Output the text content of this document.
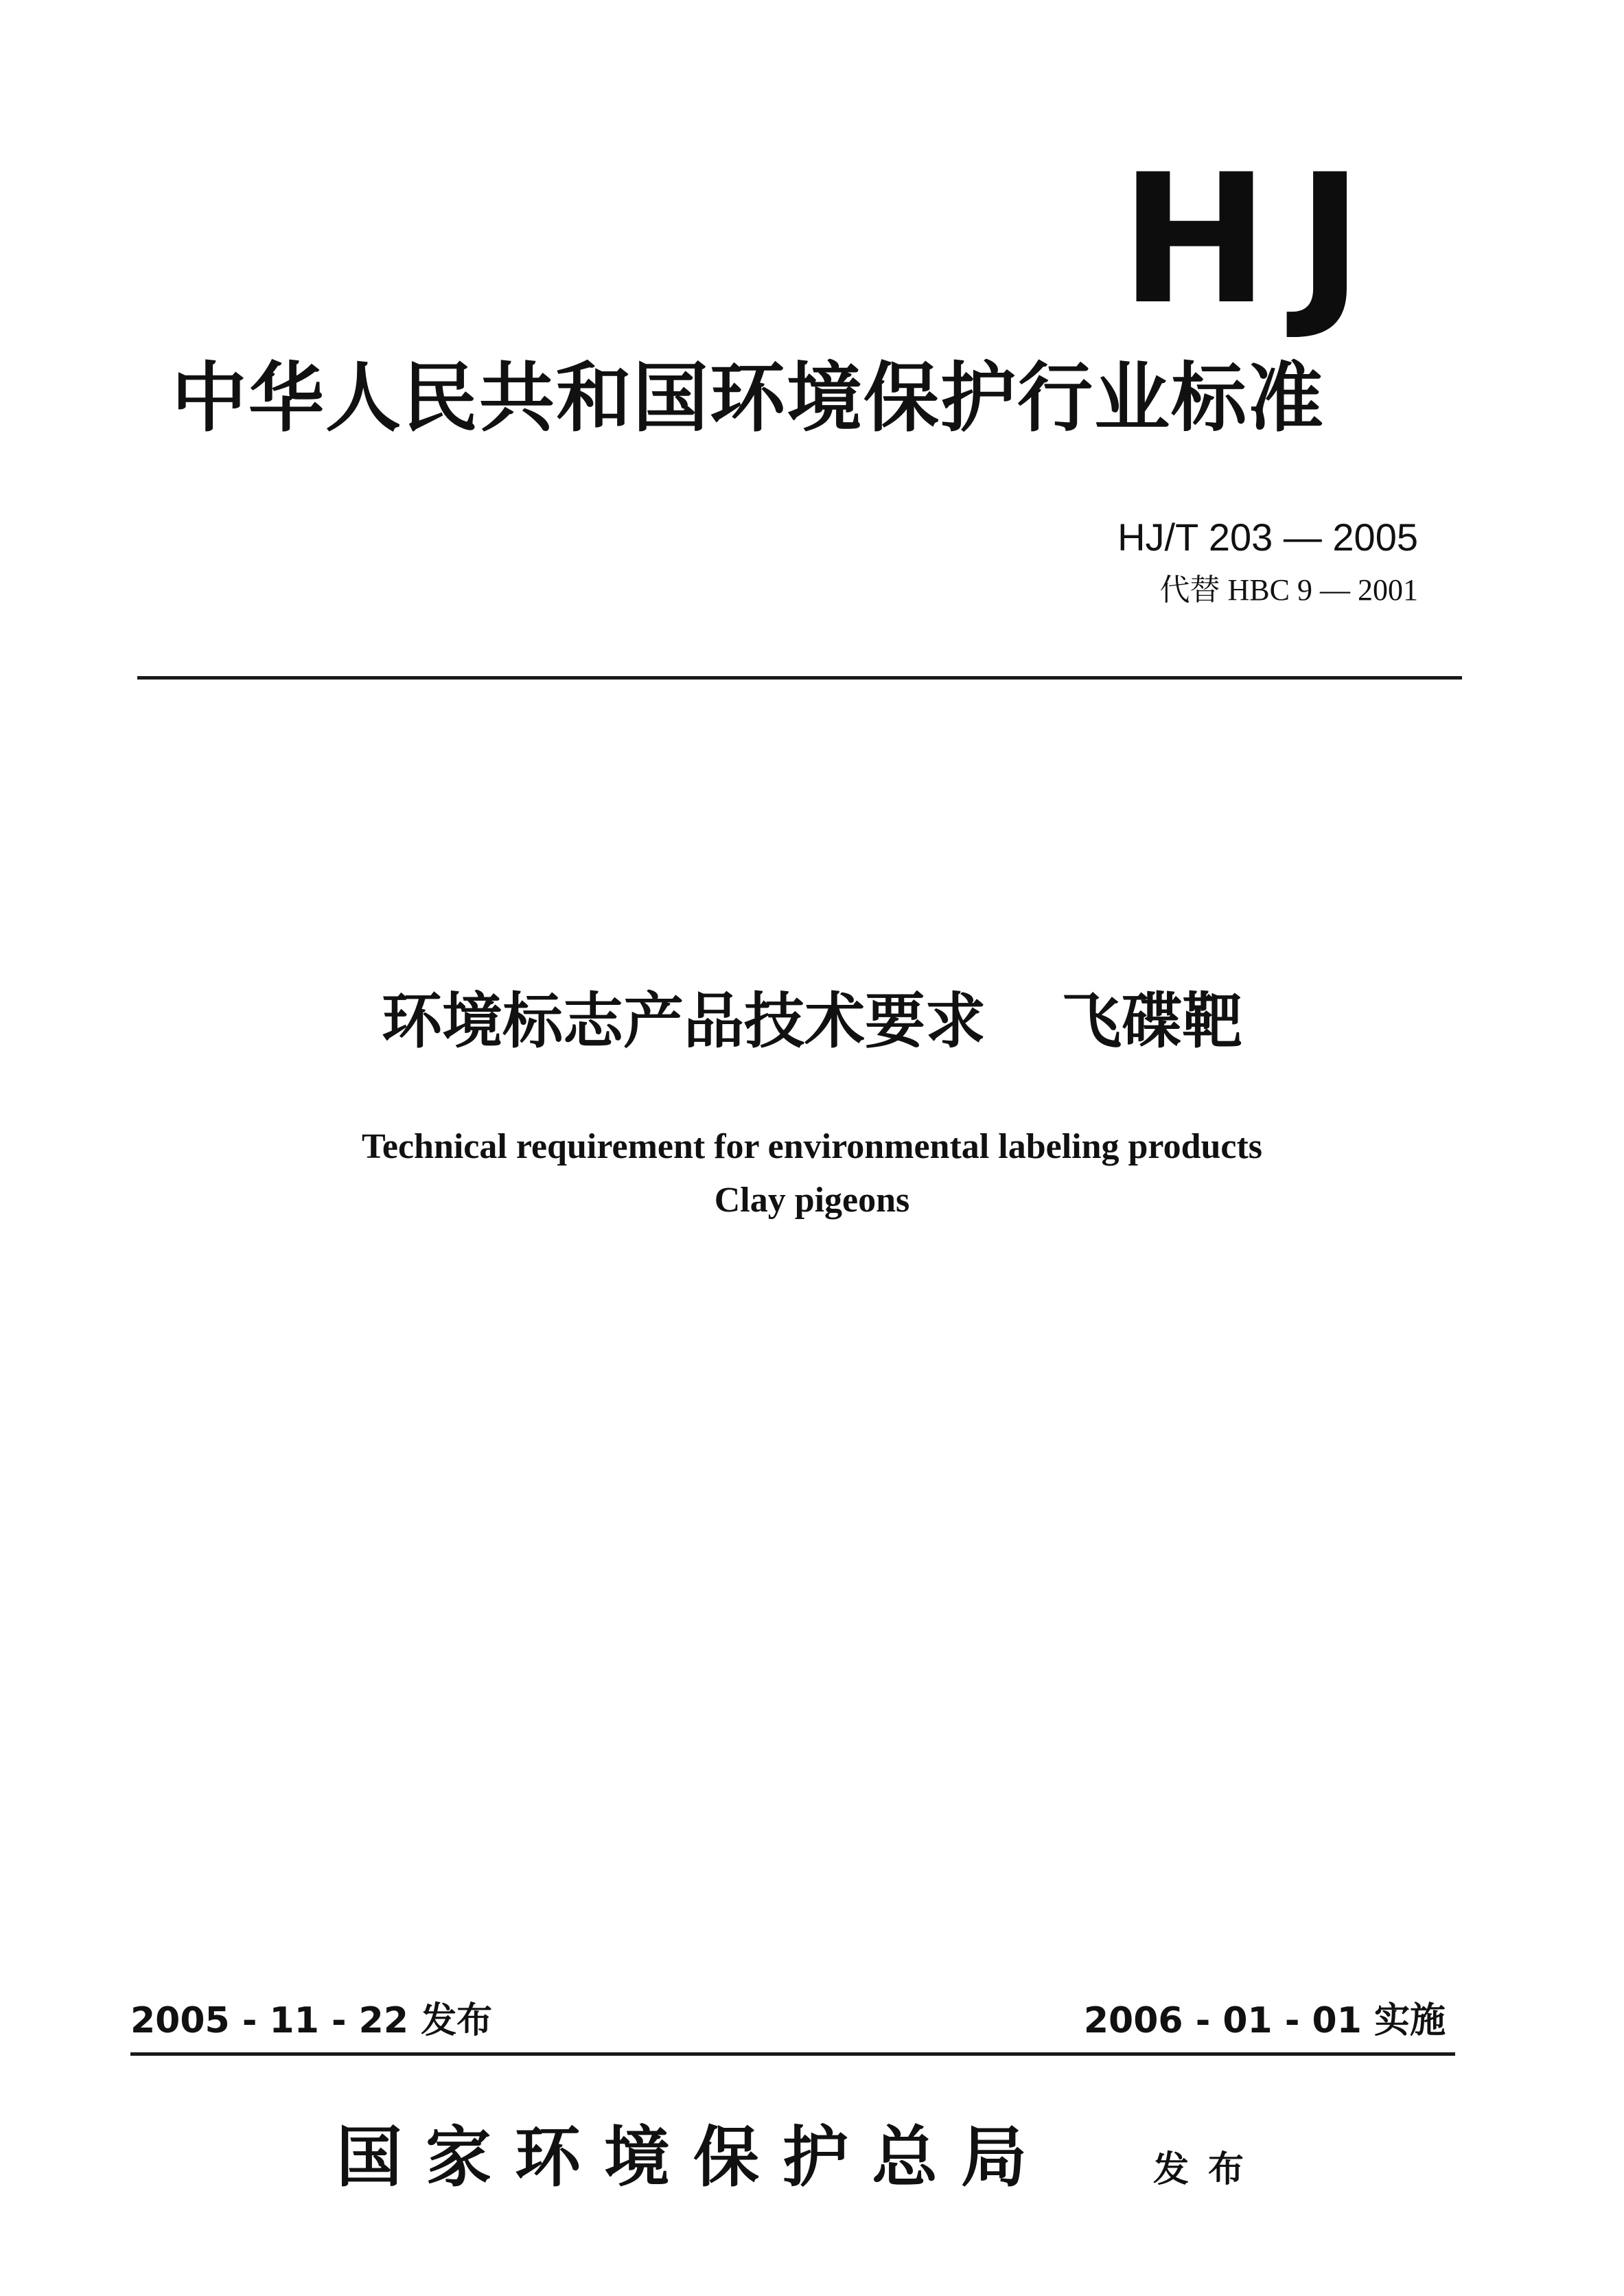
HJ
中华人民共和国环境保护行业标准
HJ/T 203 — 2005
代替 HBC 9 — 2001
环境标志产品技术要求 飞碟靶
Technical requirement for environmental labeling products
Clay pigeons
2005 - 11 - 22 发布	2006 - 01 - 01 实施
国家环境保护总局	发布
